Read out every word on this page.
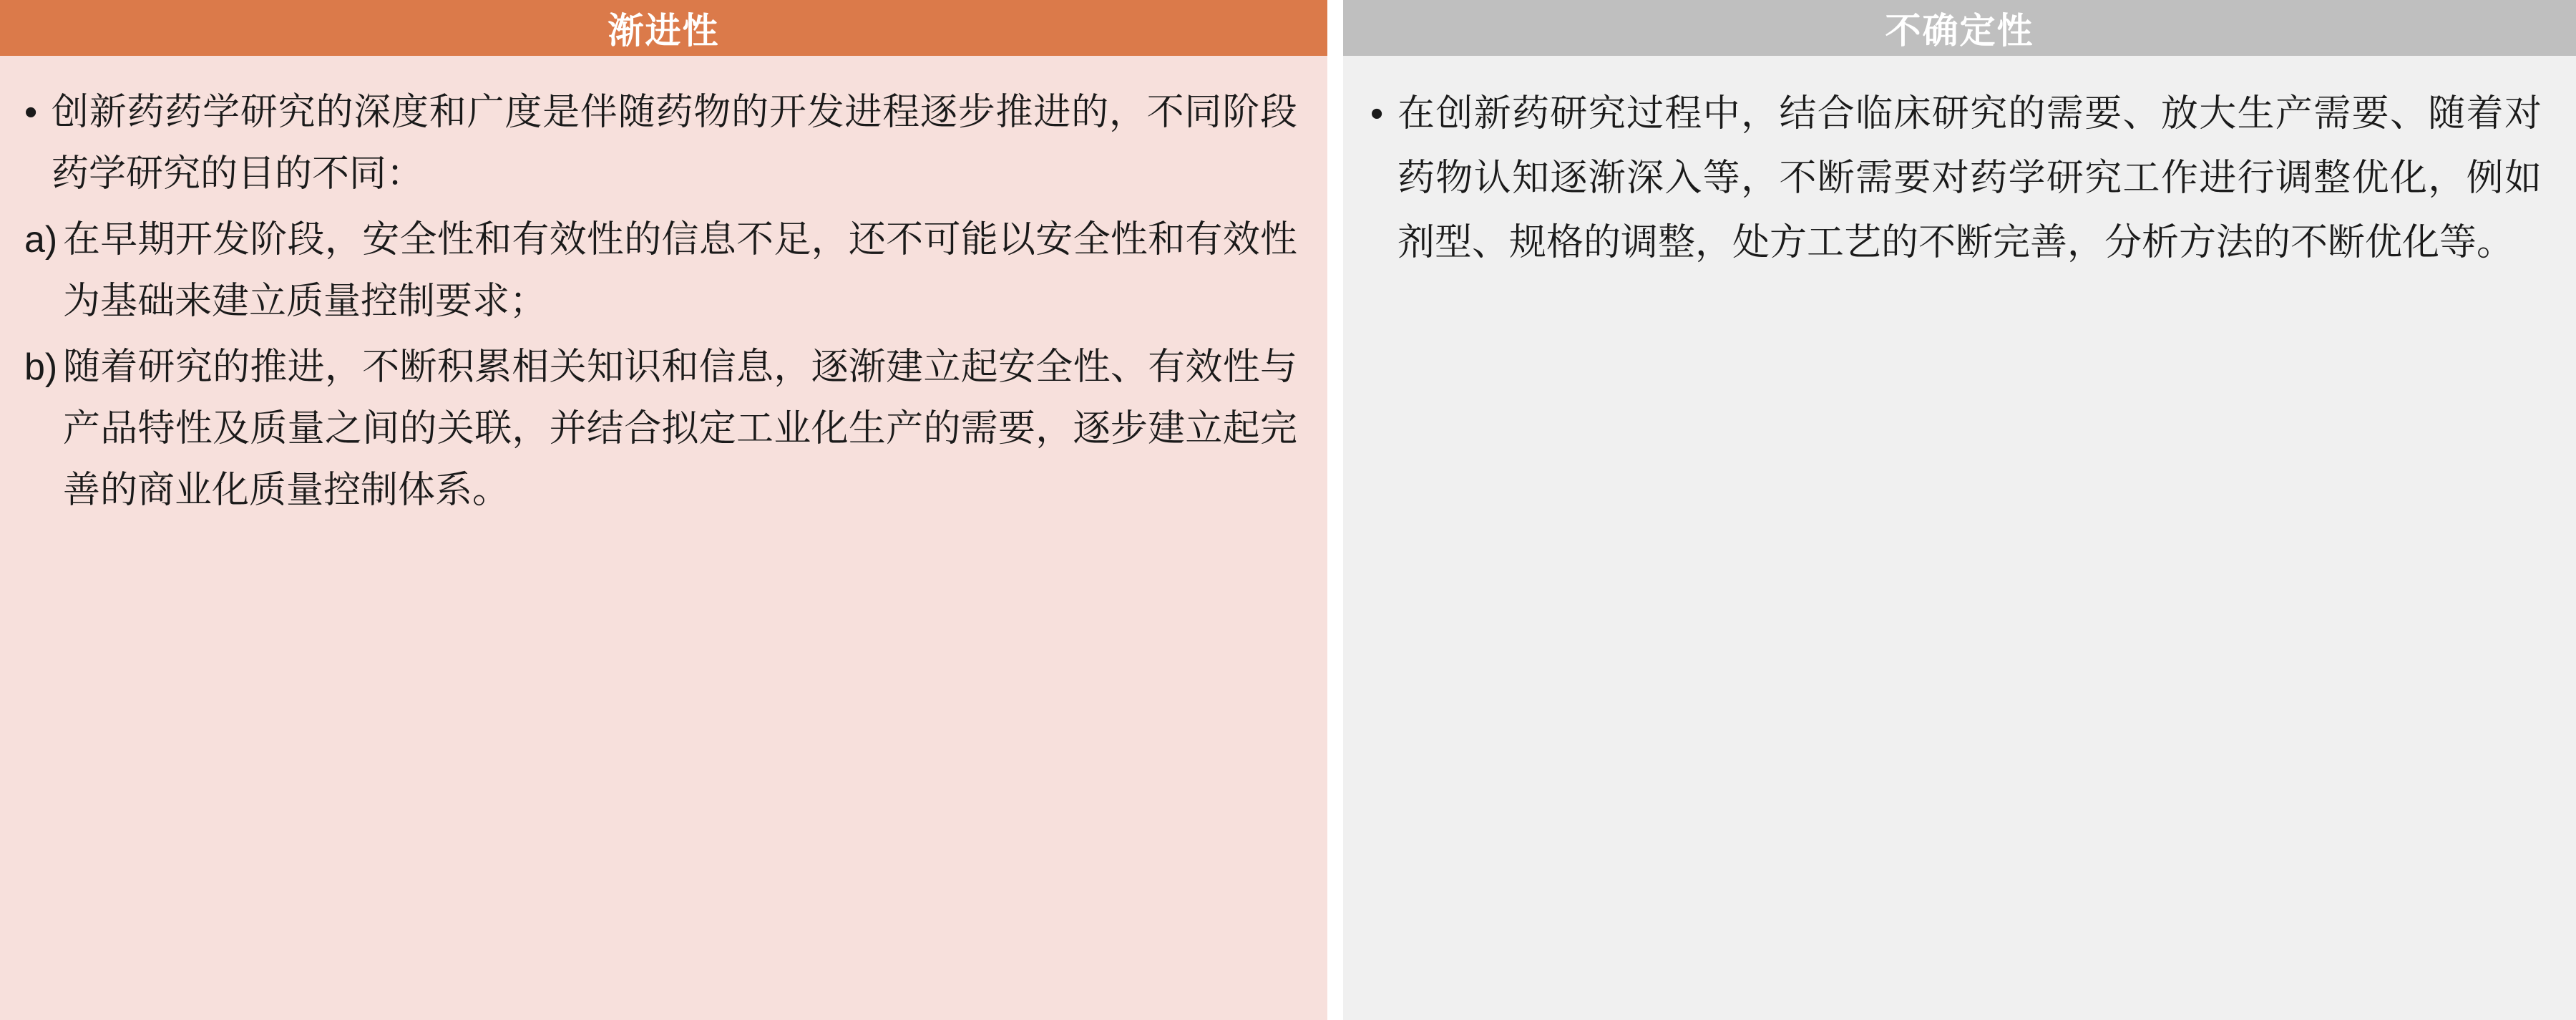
渐进性
• 创新药药学研究的深度和广度是伴随药物的开发进程逐步推进的，不同阶段药学研究的目的不同：
a) 在早期开发阶段，安全性和有效性的信息不足，还不可能以安全性和有效性为基础来建立质量控制要求；
b) 随着研究的推进，不断积累相关知识和信息，逐渐建立起安全性、有效性与产品特性及质量之间的关联，并结合拟定工业化生产的需要，逐步建立起完善的商业化质量控制体系。
不确定性
• 在创新药研究过程中，结合临床研究的需要、放大生产需要、随着对药物认知逐渐深入等，不断需要对药学研究工作进行调整优化，例如剂型、规格的调整，处方工艺的不断完善，分析方法的不断优化等。
